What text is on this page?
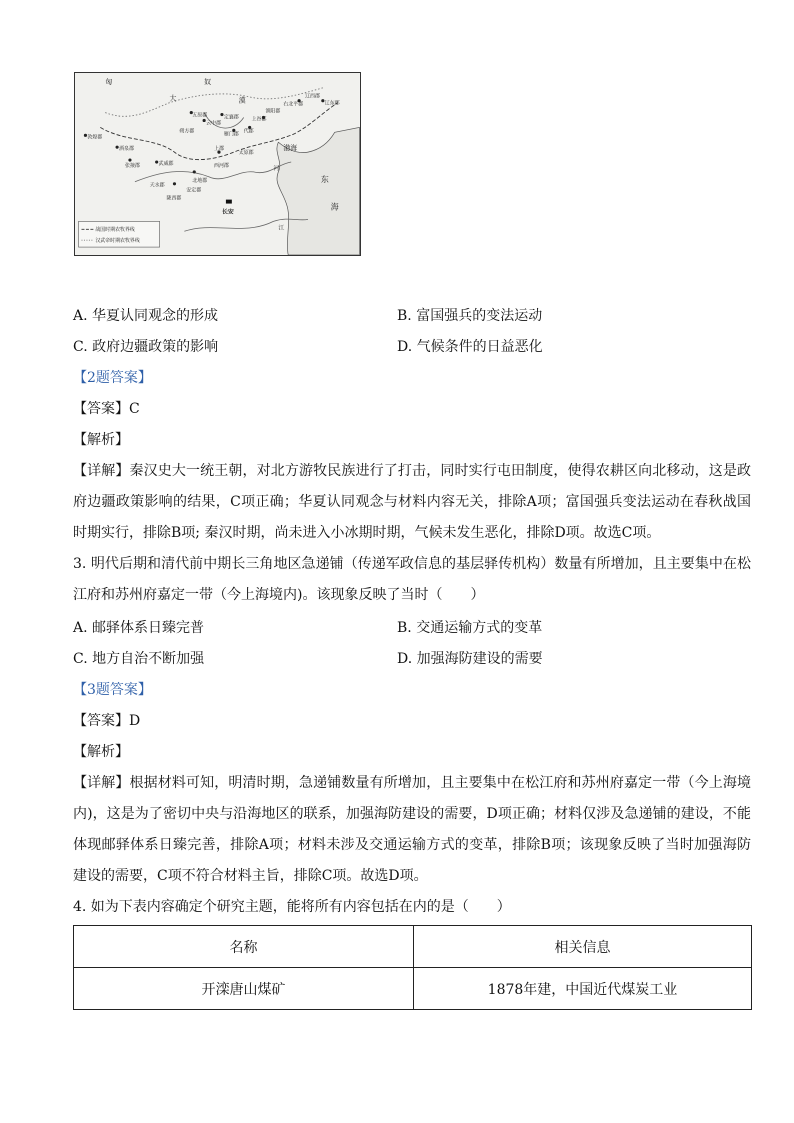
匈	奴
大	漠
敦煌郡
酒泉郡
张掖郡	武威郡
朔方郡
五原郡
云中郡
定襄郡
雁门郡 代郡
上谷郡
渔阳郡
右北平郡
辽西郡
辽东郡
上郡
太原郡
西河郡
北地郡
陇西郡
安定郡
天水郡
长安
渤海
东
海
河
江
战国时期农牧界线
汉武帝时期农牧界线
A. 华夏认同观念的形成	B. 富国强兵的变法运动
C. 政府边疆政策的影响	D. 气候条件的日益恶化
【2题答案】
【答案】C
【解析】
【详解】秦汉史大一统王朝，对北方游牧民族进行了打击，同时实行屯田制度，使得农耕区向北移动，这是政府边疆政策影响的结果，C项正确；华夏认同观念与材料内容无关，排除A项；富国强兵变法运动在春秋战国时期实行，排除B项; 秦汉时期，尚未进入小冰期时期，气候未发生恶化，排除D项。故选C项。
3. 明代后期和清代前中期长三角地区急递铺（传递军政信息的基层驿传机构）数量有所增加，且主要集中在松江府和苏州府嘉定一带（今上海境内)。该现象反映了当时（　　）
A. 邮驿体系日臻完普	B. 交通运输方式的变革
C. 地方自治不断加强	D. 加强海防建设的需要
【3题答案】
【答案】D
【解析】
【详解】根据材料可知，明清时期，急递铺数量有所增加，且主要集中在松江府和苏州府嘉定一带（今上海境内)，这是为了密切中央与沿海地区的联系，加强海防建设的需要，D项正确；材料仅涉及急递铺的建设，不能体现邮驿体系日臻完善，排除A项；材料未涉及交通运输方式的变革，排除B项；该现象反映了当时加强海防建设的需要，C项不符合材料主旨，排除C项。故选D项。
4. 如为下表内容确定个研究主题，能将所有内容包括在内的是（　　）
名称	相关信息
开滦唐山煤矿	1878年建，中国近代煤炭工业
